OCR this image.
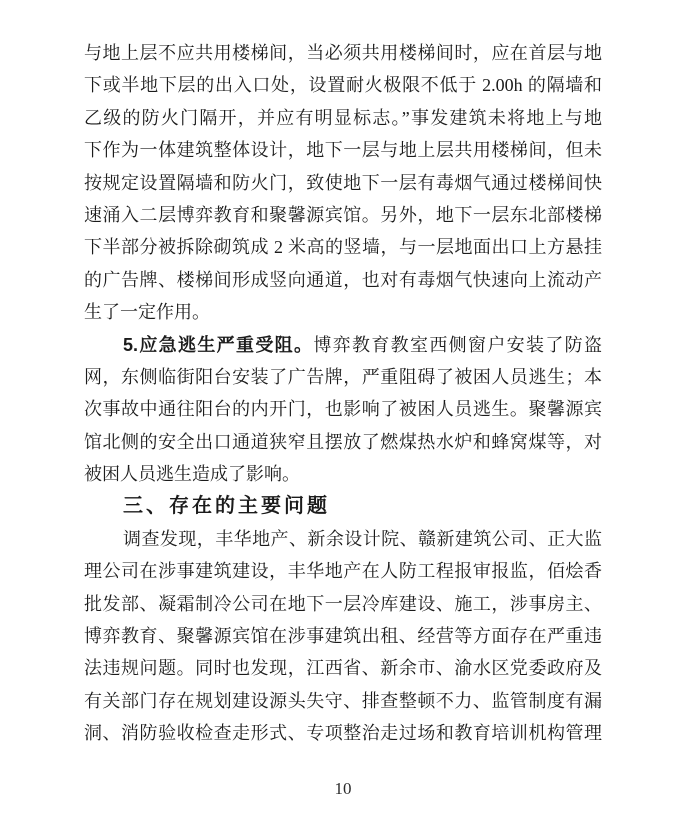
与地上层不应共用楼梯间，当必须共用楼梯间时，应在首层与地
下或半地下层的出入口处，设置耐火极限不低于 2.00h 的隔墙和
乙级的防火门隔开，并应有明显标志。”事发建筑未将地上与地
下作为一体建筑整体设计，地下一层与地上层共用楼梯间，但未
按规定设置隔墙和防火门，致使地下一层有毒烟气通过楼梯间快
速涌入二层博弈教育和聚馨源宾馆。另外，地下一层东北部楼梯
下半部分被拆除砌筑成 2 米高的竖墙，与一层地面出口上方悬挂
的广告牌、楼梯间形成竖向通道，也对有毒烟气快速向上流动产
生了一定作用。
5.应急逃生严重受阻。博弈教育教室西侧窗户安装了防盗
网，东侧临街阳台安装了广告牌，严重阻碍了被困人员逃生；本
次事故中通往阳台的内开门，也影响了被困人员逃生。聚馨源宾
馆北侧的安全出口通道狭窄且摆放了燃煤热水炉和蜂窝煤等，对
被困人员逃生造成了影响。
三、存在的主要问题
调查发现，丰华地产、新余设计院、赣新建筑公司、正大监
理公司在涉事建筑建设，丰华地产在人防工程报审报监，佰烩香
批发部、凝霜制冷公司在地下一层冷库建设、施工，涉事房主、
博弈教育、聚馨源宾馆在涉事建筑出租、经营等方面存在严重违
法违规问题。同时也发现，江西省、新余市、渝水区党委政府及
有关部门存在规划建设源头失守、排查整顿不力、监管制度有漏
洞、消防验收检查走形式、专项整治走过场和教育培训机构管理
10
